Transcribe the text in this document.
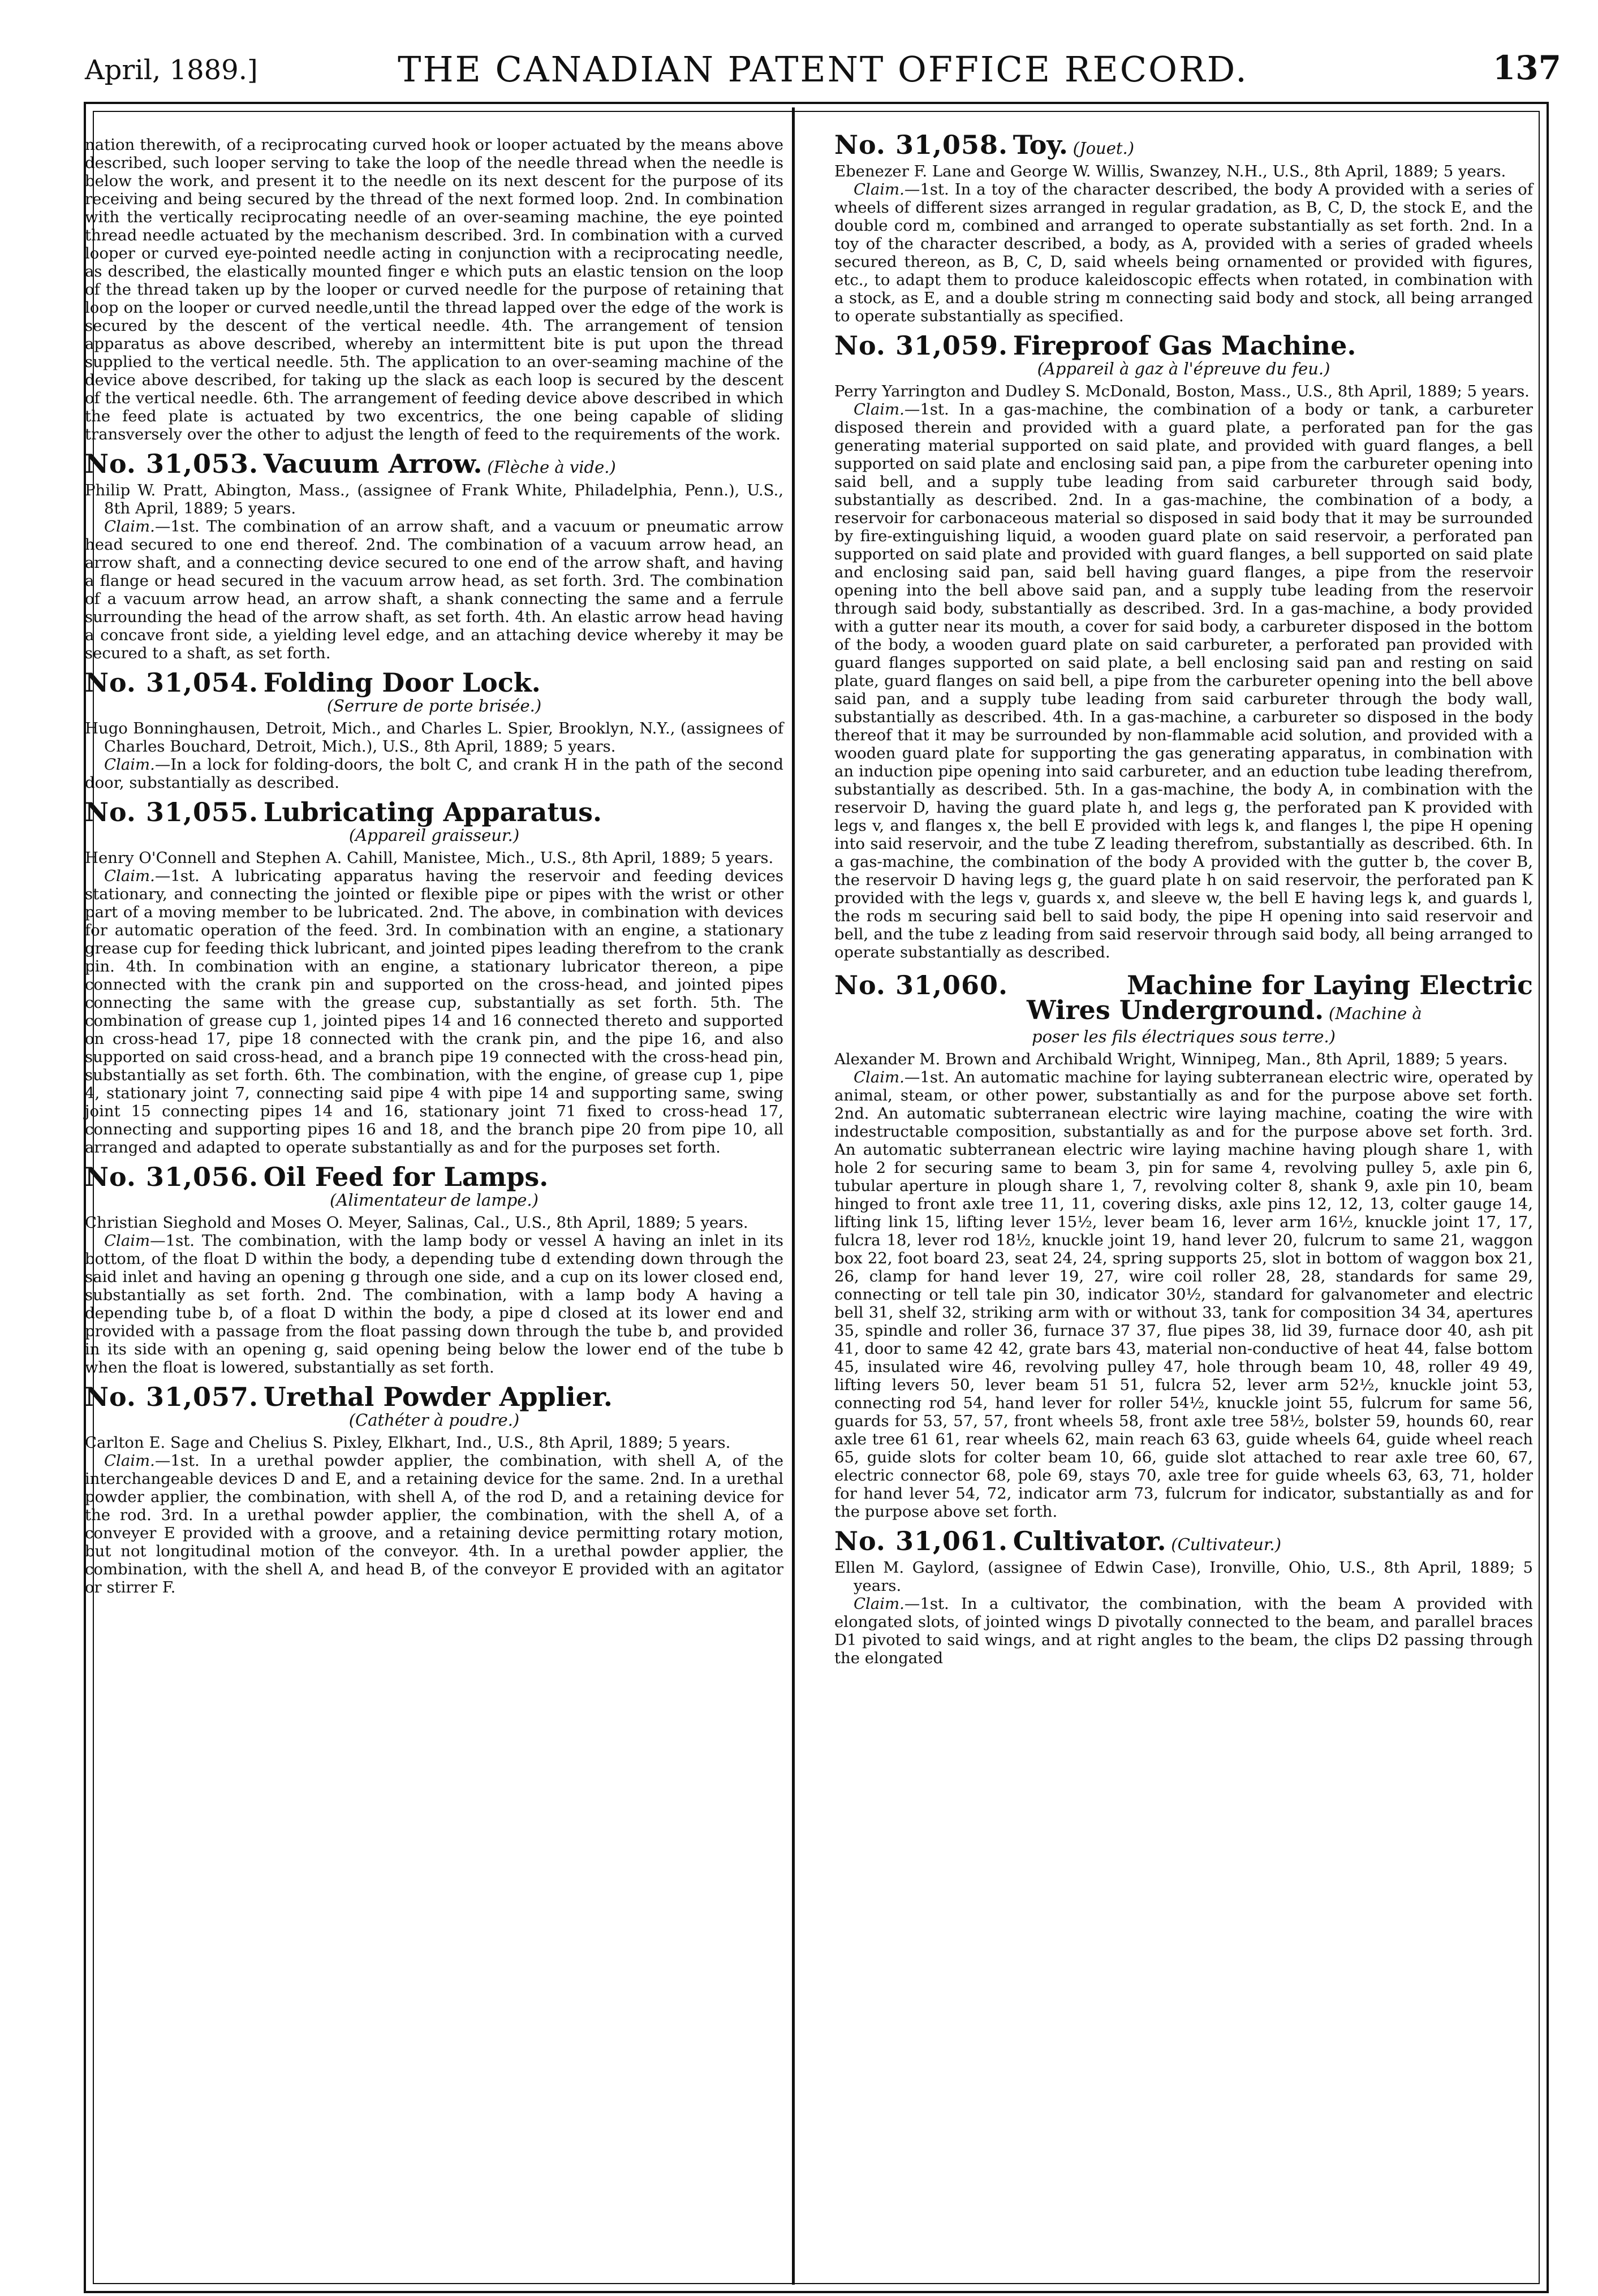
April, 1889.]	THE CANADIAN PATENT OFFICE RECORD.	137

nation therewith, of a reciprocating curved hook or looper actuated by the means above described, such looper serving to take the loop of the needle thread when the needle is below the work, and present it to the needle on its next descent for the purpose of its receiving and being secured by the thread of the next formed loop. 2nd. In combination with the vertically reciprocating needle of an over-seaming machine, the eye pointed thread needle actuated by the mechanism described. 3rd. In combination with a curved looper or curved eye-pointed needle acting in conjunction with a reciprocating needle, as described, the elastically mounted finger e which puts an elastic tension on the loop of the thread taken up by the looper or curved needle for the purpose of retaining that loop on the looper or curved needle,until the thread lapped over the edge of the work is secured by the descent of the vertical needle. 4th. The arrangement of tension apparatus as above described, whereby an intermittent bite is put upon the thread supplied to the vertical needle. 5th. The application to an over-seaming machine of the device above described, for taking up the slack as each loop is secured by the descent of the vertical needle. 6th. The arrangement of feeding device above described in which the feed plate is actuated by two excentrics, the one being capable of sliding transversely over the other to adjust the length of feed to the requirements of the work.

No. 31,053. Vacuum Arrow. (Flèche à vide.)

Philip W. Pratt, Abington, Mass., (assignee of Frank White, Philadelphia, Penn.), U.S., 8th April, 1889; 5 years.

Claim.—1st. The combination of an arrow shaft, and a vacuum or pneumatic arrow head secured to one end thereof. 2nd. The combination of a vacuum arrow head, an arrow shaft, and a connecting device secured to one end of the arrow shaft, and having a flange or head secured in the vacuum arrow head, as set forth. 3rd. The combination of a vacuum arrow head, an arrow shaft, a shank connecting the same and a ferrule surrounding the head of the arrow shaft, as set forth. 4th. An elastic arrow head having a concave front side, a yielding level edge, and an attaching device whereby it may be secured to a shaft, as set forth.

No. 31,054. Folding Door Lock.
(Serrure de porte brisée.)

Hugo Bonninghausen, Detroit, Mich., and Charles L. Spier, Brooklyn, N.Y., (assignees of Charles Bouchard, Detroit, Mich.), U.S., 8th April, 1889; 5 years.

Claim.—In a lock for folding-doors, the bolt C, and crank H in the path of the second door, substantially as described.

No. 31,055. Lubricating Apparatus.
(Appareil graisseur.)

Henry O'Connell and Stephen A. Cahill, Manistee, Mich., U.S., 8th April, 1889; 5 years.

Claim.—1st. A lubricating apparatus having the reservoir and feeding devices stationary, and connecting the jointed or flexible pipe or pipes with the wrist or other part of a moving member to be lubricated. 2nd. The above, in combination with devices for automatic operation of the feed. 3rd. In combination with an engine, a stationary grease cup for feeding thick lubricant, and jointed pipes leading therefrom to the crank pin. 4th. In combination with an engine, a stationary lubricator thereon, a pipe connected with the crank pin and supported on the cross-head, and jointed pipes connecting the same with the grease cup, substantially as set forth. 5th. The combination of grease cup 1, jointed pipes 14 and 16 connected thereto and supported on cross-head 17, pipe 18 connected with the crank pin, and the pipe 16, and also supported on said cross-head, and a branch pipe 19 connected with the cross-head pin, substantially as set forth. 6th. The combination, with the engine, of grease cup 1, pipe 4, stationary joint 7, connecting said pipe 4 with pipe 14 and supporting same, swing joint 15 connecting pipes 14 and 16, stationary joint 71 fixed to cross-head 17, connecting and supporting pipes 16 and 18, and the branch pipe 20 from pipe 10, all arranged and adapted to operate substantially as and for the purposes set forth.

No. 31,056. Oil Feed for Lamps.
(Alimentateur de lampe.)

Christian Sieghold and Moses O. Meyer, Salinas, Cal., U.S., 8th April, 1889; 5 years.

Claim—1st. The combination, with the lamp body or vessel A having an inlet in its bottom, of the float D within the body, a depending tube d extending down through the said inlet and having an opening g through one side, and a cup on its lower closed end, substantially as set forth. 2nd. The combination, with a lamp body A having a depending tube b, of a float D within the body, a pipe d closed at its lower end and provided with a passage from the float passing down through the tube b, and provided in its side with an opening g, said opening being below the lower end of the tube b when the float is lowered, substantially as set forth.

No. 31,057. Urethal Powder Applier.
(Cathéter à poudre.)

Carlton E. Sage and Chelius S. Pixley, Elkhart, Ind., U.S., 8th April, 1889; 5 years.

Claim.—1st. In a urethal powder applier, the combination, with shell A, of the interchangeable devices D and E, and a retaining device for the same. 2nd. In a urethal powder applier, the combination, with shell A, of the rod D, and a retaining device for the rod. 3rd. In a urethal powder applier, the combination, with the shell A, of a conveyer E provided with a groove, and a retaining device permitting rotary motion, but not longitudinal motion of the conveyor. 4th. In a urethal powder applier, the combination, with the shell A, and head B, of the conveyor E provided with an agitator or stirrer F.

No. 31,058. Toy. (Jouet.)

Ebenezer F. Lane and George W. Willis, Swanzey, N.H., U.S., 8th April, 1889; 5 years.

Claim.—1st. In a toy of the character described, the body A provided with a series of wheels of different sizes arranged in regular gradation, as B, C, D, the stock E, and the double cord m, combined and arranged to operate substantially as set forth. 2nd. In a toy of the character described, a body, as A, provided with a series of graded wheels secured thereon, as B, C, D, said wheels being ornamented or provided with figures, etc., to adapt them to produce kaleidoscopic effects when rotated, in combination with a stock, as E, and a double string m connecting said body and stock, all being arranged to operate substantially as specified.

No. 31,059. Fireproof Gas Machine.
(Appareil à gaz à l'épreuve du feu.)

Perry Yarrington and Dudley S. McDonald, Boston, Mass., U.S., 8th April, 1889; 5 years.

Claim.—1st. In a gas-machine, the combination of a body or tank, a carbureter disposed therein and provided with a guard plate, a perforated pan for the gas generating material supported on said plate, and provided with guard flanges, a bell supported on said plate and enclosing said pan, a pipe from the carbureter opening into said bell, and a supply tube leading from said carbureter through said body, substantially as described. 2nd. In a gas-machine, the combination of a body, a reservoir for carbonaceous material so disposed in said body that it may be surrounded by fire-extinguishing liquid, a wooden guard plate on said reservoir, a perforated pan supported on said plate and provided with guard flanges, a bell supported on said plate and enclosing said pan, said bell having guard flanges, a pipe from the reservoir opening into the bell above said pan, and a supply tube leading from the reservoir through said body, substantially as described. 3rd. In a gas-machine, a body provided with a gutter near its mouth, a cover for said body, a carbureter disposed in the bottom of the body, a wooden guard plate on said carbureter, a perforated pan provided with guard flanges supported on said plate, a bell enclosing said pan and resting on said plate, guard flanges on said bell, a pipe from the carbureter opening into the bell above said pan, and a supply tube leading from said carbureter through the body wall, substantially as described. 4th. In a gas-machine, a carbureter so disposed in the body thereof that it may be surrounded by non-flammable acid solution, and provided with a wooden guard plate for supporting the gas generating apparatus, in combination with an induction pipe opening into said carbureter, and an eduction tube leading therefrom, substantially as described. 5th. In a gas-machine, the body A, in combination with the reservoir D, having the guard plate h, and legs g, the perforated pan K provided with legs v, and flanges x, the bell E provided with legs k, and flanges l, the pipe H opening into said reservoir, and the tube Z leading therefrom, substantially as described. 6th. In a gas-machine, the combination of the body A provided with the gutter b, the cover B, the reservoir D having legs g, the guard plate h on said reservoir, the perforated pan K provided with the legs v, guards x, and sleeve w, the bell E having legs k, and guards l, the rods m securing said bell to said body, the pipe H opening into said reservoir and bell, and the tube z leading from said reservoir through said body, all being arranged to operate substantially as described.

No. 31,060.	Machine for Laying Electric
Wires Underground. (Machine à
poser les fils électriques sous terre.)

Alexander M. Brown and Archibald Wright, Winnipeg, Man., 8th April, 1889; 5 years.

Claim.—1st. An automatic machine for laying subterranean electric wire, operated by animal, steam, or other power, substantially as and for the purpose above set forth. 2nd. An automatic subterranean electric wire laying machine, coating the wire with indestructable composition, substantially as and for the purpose above set forth. 3rd. An automatic subterranean electric wire laying machine having plough share 1, with hole 2 for securing same to beam 3, pin for same 4, revolving pulley 5, axle pin 6, tubular aperture in plough share 1, 7, revolving colter 8, shank 9, axle pin 10, beam hinged to front axle tree 11, 11, covering disks, axle pins 12, 12, 13, colter gauge 14, lifting link 15, lifting lever 15½, lever beam 16, lever arm 16½, knuckle joint 17, 17, fulcra 18, lever rod 18½, knuckle joint 19, hand lever 20, fulcrum to same 21, waggon box 22, foot board 23, seat 24, 24, spring supports 25, slot in bottom of waggon box 21, 26, clamp for hand lever 19, 27, wire coil roller 28, 28, standards for same 29, connecting or tell tale pin 30, indicator 30½, standard for galvanometer and electric bell 31, shelf 32, striking arm with or without 33, tank for composition 34 34, apertures 35, spindle and roller 36, furnace 37 37, flue pipes 38, lid 39, furnace door 40, ash pit 41, door to same 42 42, grate bars 43, material non-conductive of heat 44, false bottom 45, insulated wire 46, revolving pulley 47, hole through beam 10, 48, roller 49 49, lifting levers 50, lever beam 51 51, fulcra 52, lever arm 52½, knuckle joint 53, connecting rod 54, hand lever for roller 54½, knuckle joint 55, fulcrum for same 56, guards for 53, 57, 57, front wheels 58, front axle tree 58½, bolster 59, hounds 60, rear axle tree 61 61, rear wheels 62, main reach 63 63, guide wheels 64, guide wheel reach 65, guide slots for colter beam 10, 66, guide slot attached to rear axle tree 60, 67, electric connector 68, pole 69, stays 70, axle tree for guide wheels 63, 63, 71, holder for hand lever 54, 72, indicator arm 73, fulcrum for indicator, substantially as and for the purpose above set forth.

No. 31,061. Cultivator. (Cultivateur.)

Ellen M. Gaylord, (assignee of Edwin Case), Ironville, Ohio, U.S., 8th April, 1889; 5 years.

Claim.—1st. In a cultivator, the combination, with the beam A provided with elongated slots, of jointed wings D pivotally connected to the beam, and parallel braces D1 pivoted to said wings, and at right angles to the beam, the clips D2 passing through the elongated
